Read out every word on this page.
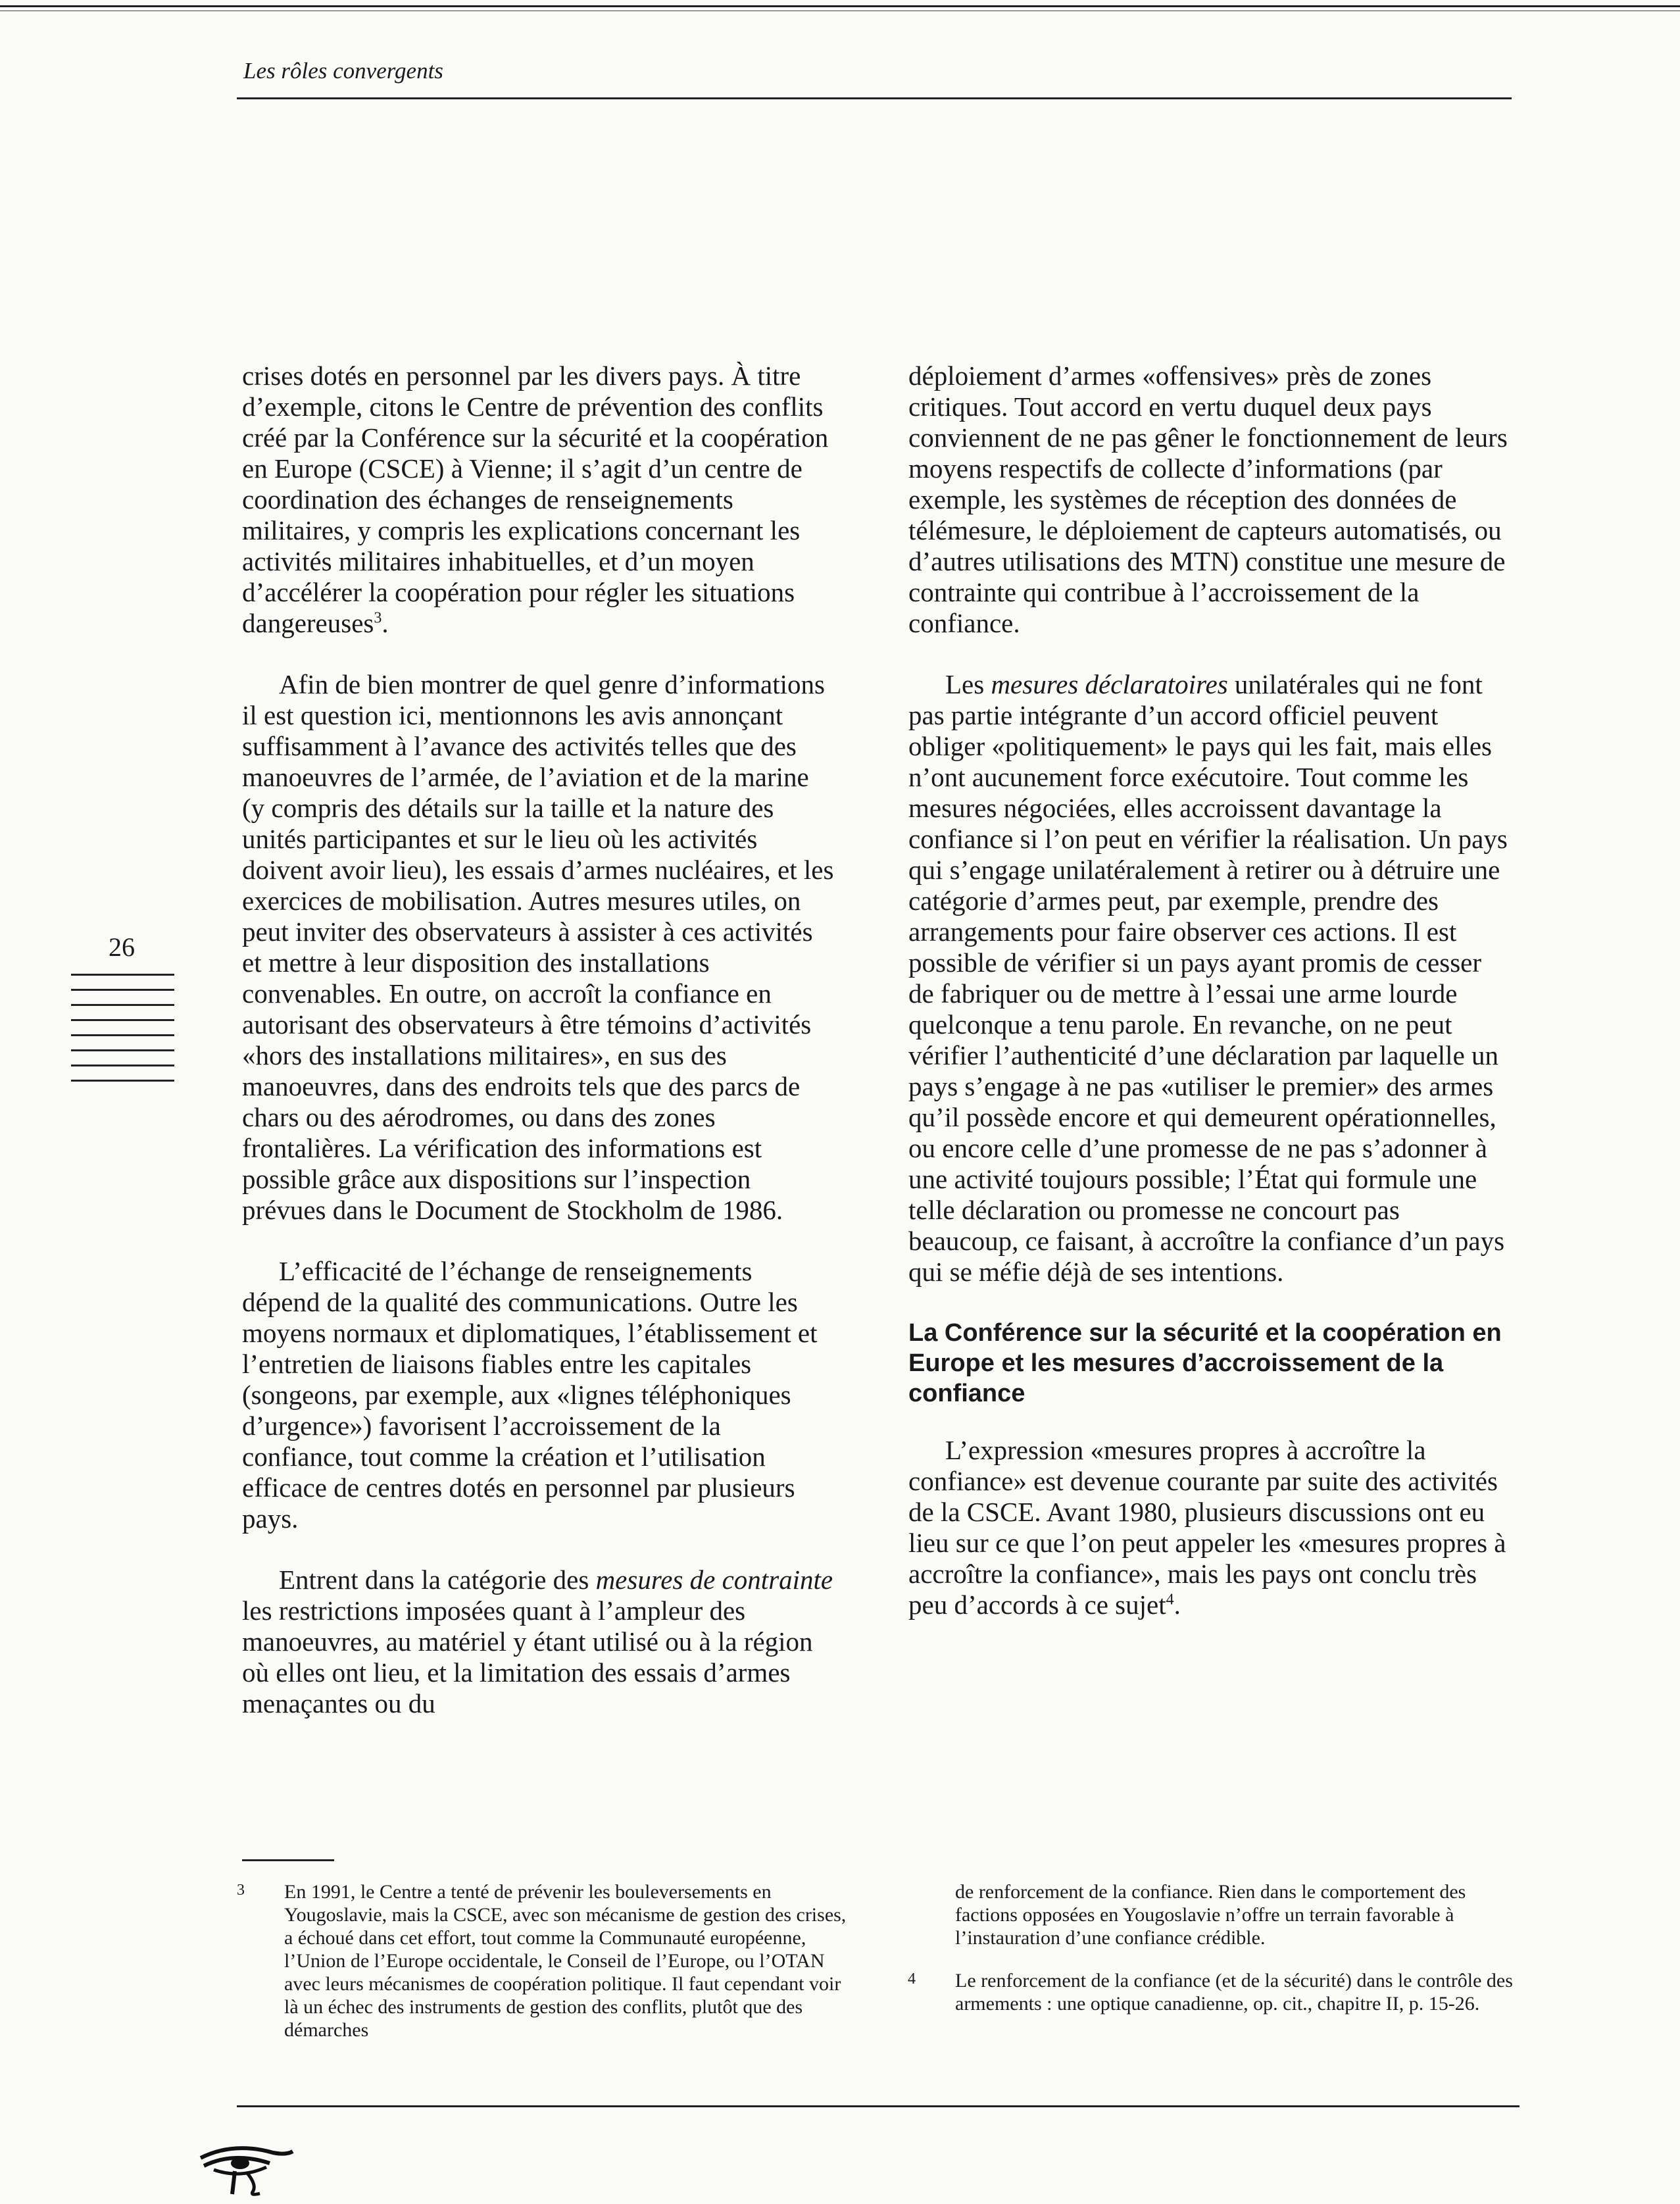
Les rôles convergents
26

crises dotés en personnel par les divers pays. À titre d’exemple, citons le Centre de prévention des conflits créé par la Conférence sur la sécurité et la coopération en Europe (CSCE) à Vienne; il s’agit d’un centre de coordination des échanges de renseignements militaires, y compris les explications concernant les activités militaires inhabituelles, et d’un moyen d’accélérer la coopération pour régler les situations dangereuses$^3$.

Afin de bien montrer de quel genre d’informations il est question ici, mentionnons les avis annonçant suffisamment à l’avance des activités telles que des manoeuvres de l’armée, de l’aviation et de la marine (y compris des détails sur la taille et la nature des unités participantes et sur le lieu où les activités doivent avoir lieu), les essais d’armes nucléaires, et les exercices de mobilisation. Autres mesures utiles, on peut inviter des observateurs à assister à ces activités et mettre à leur disposition des installations convenables. En outre, on accroît la confiance en autorisant des observateurs à être témoins d’activités «hors des installations militaires», en sus des manoeuvres, dans des endroits tels que des parcs de chars ou des aérodromes, ou dans des zones frontalières. La vérification des informations est possible grâce aux dispositions sur l’inspection prévues dans le Document de Stockholm de 1986.

L’efficacité de l’échange de renseignements dépend de la qualité des communications. Outre les moyens normaux et diplomatiques, l’établissement et l’entretien de liaisons fiables entre les capitales (songeons, par exemple, aux «lignes téléphoniques d’urgence») favorisent l’accroissement de la confiance, tout comme la création et l’utilisation efficace de centres dotés en personnel par plusieurs pays.

Entrent dans la catégorie des mesures de contrainte les restrictions imposées quant à l’ampleur des manoeuvres, au matériel y étant utilisé ou à la région où elles ont lieu, et la limitation des essais d’armes menaçantes ou du

déploiement d’armes «offensives» près de zones critiques. Tout accord en vertu duquel deux pays conviennent de ne pas gêner le fonctionnement de leurs moyens respectifs de collecte d’informations (par exemple, les systèmes de réception des données de télémesure, le déploiement de capteurs automatisés, ou d’autres utilisations des MTN) constitue une mesure de contrainte qui contribue à l’accroissement de la confiance.

Les mesures déclaratoires unilatérales qui ne font pas partie intégrante d’un accord officiel peuvent obliger «politiquement» le pays qui les fait, mais elles n’ont aucunement force exécutoire. Tout comme les mesures négociées, elles accroissent davantage la confiance si l’on peut en vérifier la réalisation. Un pays qui s’engage unilatéralement à retirer ou à détruire une catégorie d’armes peut, par exemple, prendre des arrangements pour faire observer ces actions. Il est possible de vérifier si un pays ayant promis de cesser de fabriquer ou de mettre à l’essai une arme lourde quelconque a tenu parole. En revanche, on ne peut vérifier l’authenticité d’une déclaration par laquelle un pays s’engage à ne pas «utiliser le premier» des armes qu’il possède encore et qui demeurent opérationnelles, ou encore celle d’une promesse de ne pas s’adonner à une activité toujours possible; l’État qui formule une telle déclaration ou promesse ne concourt pas beaucoup, ce faisant, à accroître la confiance d’un pays qui se méfie déjà de ses intentions.

La Conférence sur la sécurité et la coopération en Europe et les mesures d’accroissement de la confiance

L’expression «mesures propres à accroître la confiance» est devenue courante par suite des activités de la CSCE. Avant 1980, plusieurs discussions ont eu lieu sur ce que l’on peut appeler les «mesures propres à accroître la confiance», mais les pays ont conclu très peu d’accords à ce sujet$^4$.

3	En 1991, le Centre a tenté de prévenir les bouleversements en Yougoslavie, mais la CSCE, avec son mécanisme de gestion des crises, a échoué dans cet effort, tout comme la Communauté européenne, l’Union de l’Europe occidentale, le Conseil de l’Europe, ou l’OTAN avec leurs mécanismes de coopération politique. Il faut cependant voir là un échec des instruments de gestion des conflits, plutôt que des démarches
de renforcement de la confiance. Rien dans le comportement des factions opposées en Yougoslavie n’offre un terrain favorable à l’instauration d’une confiance crédible.
4	Le renforcement de la confiance (et de la sécurité) dans le contrôle des armements : une optique canadienne, op. cit., chapitre II, p. 15-26.
